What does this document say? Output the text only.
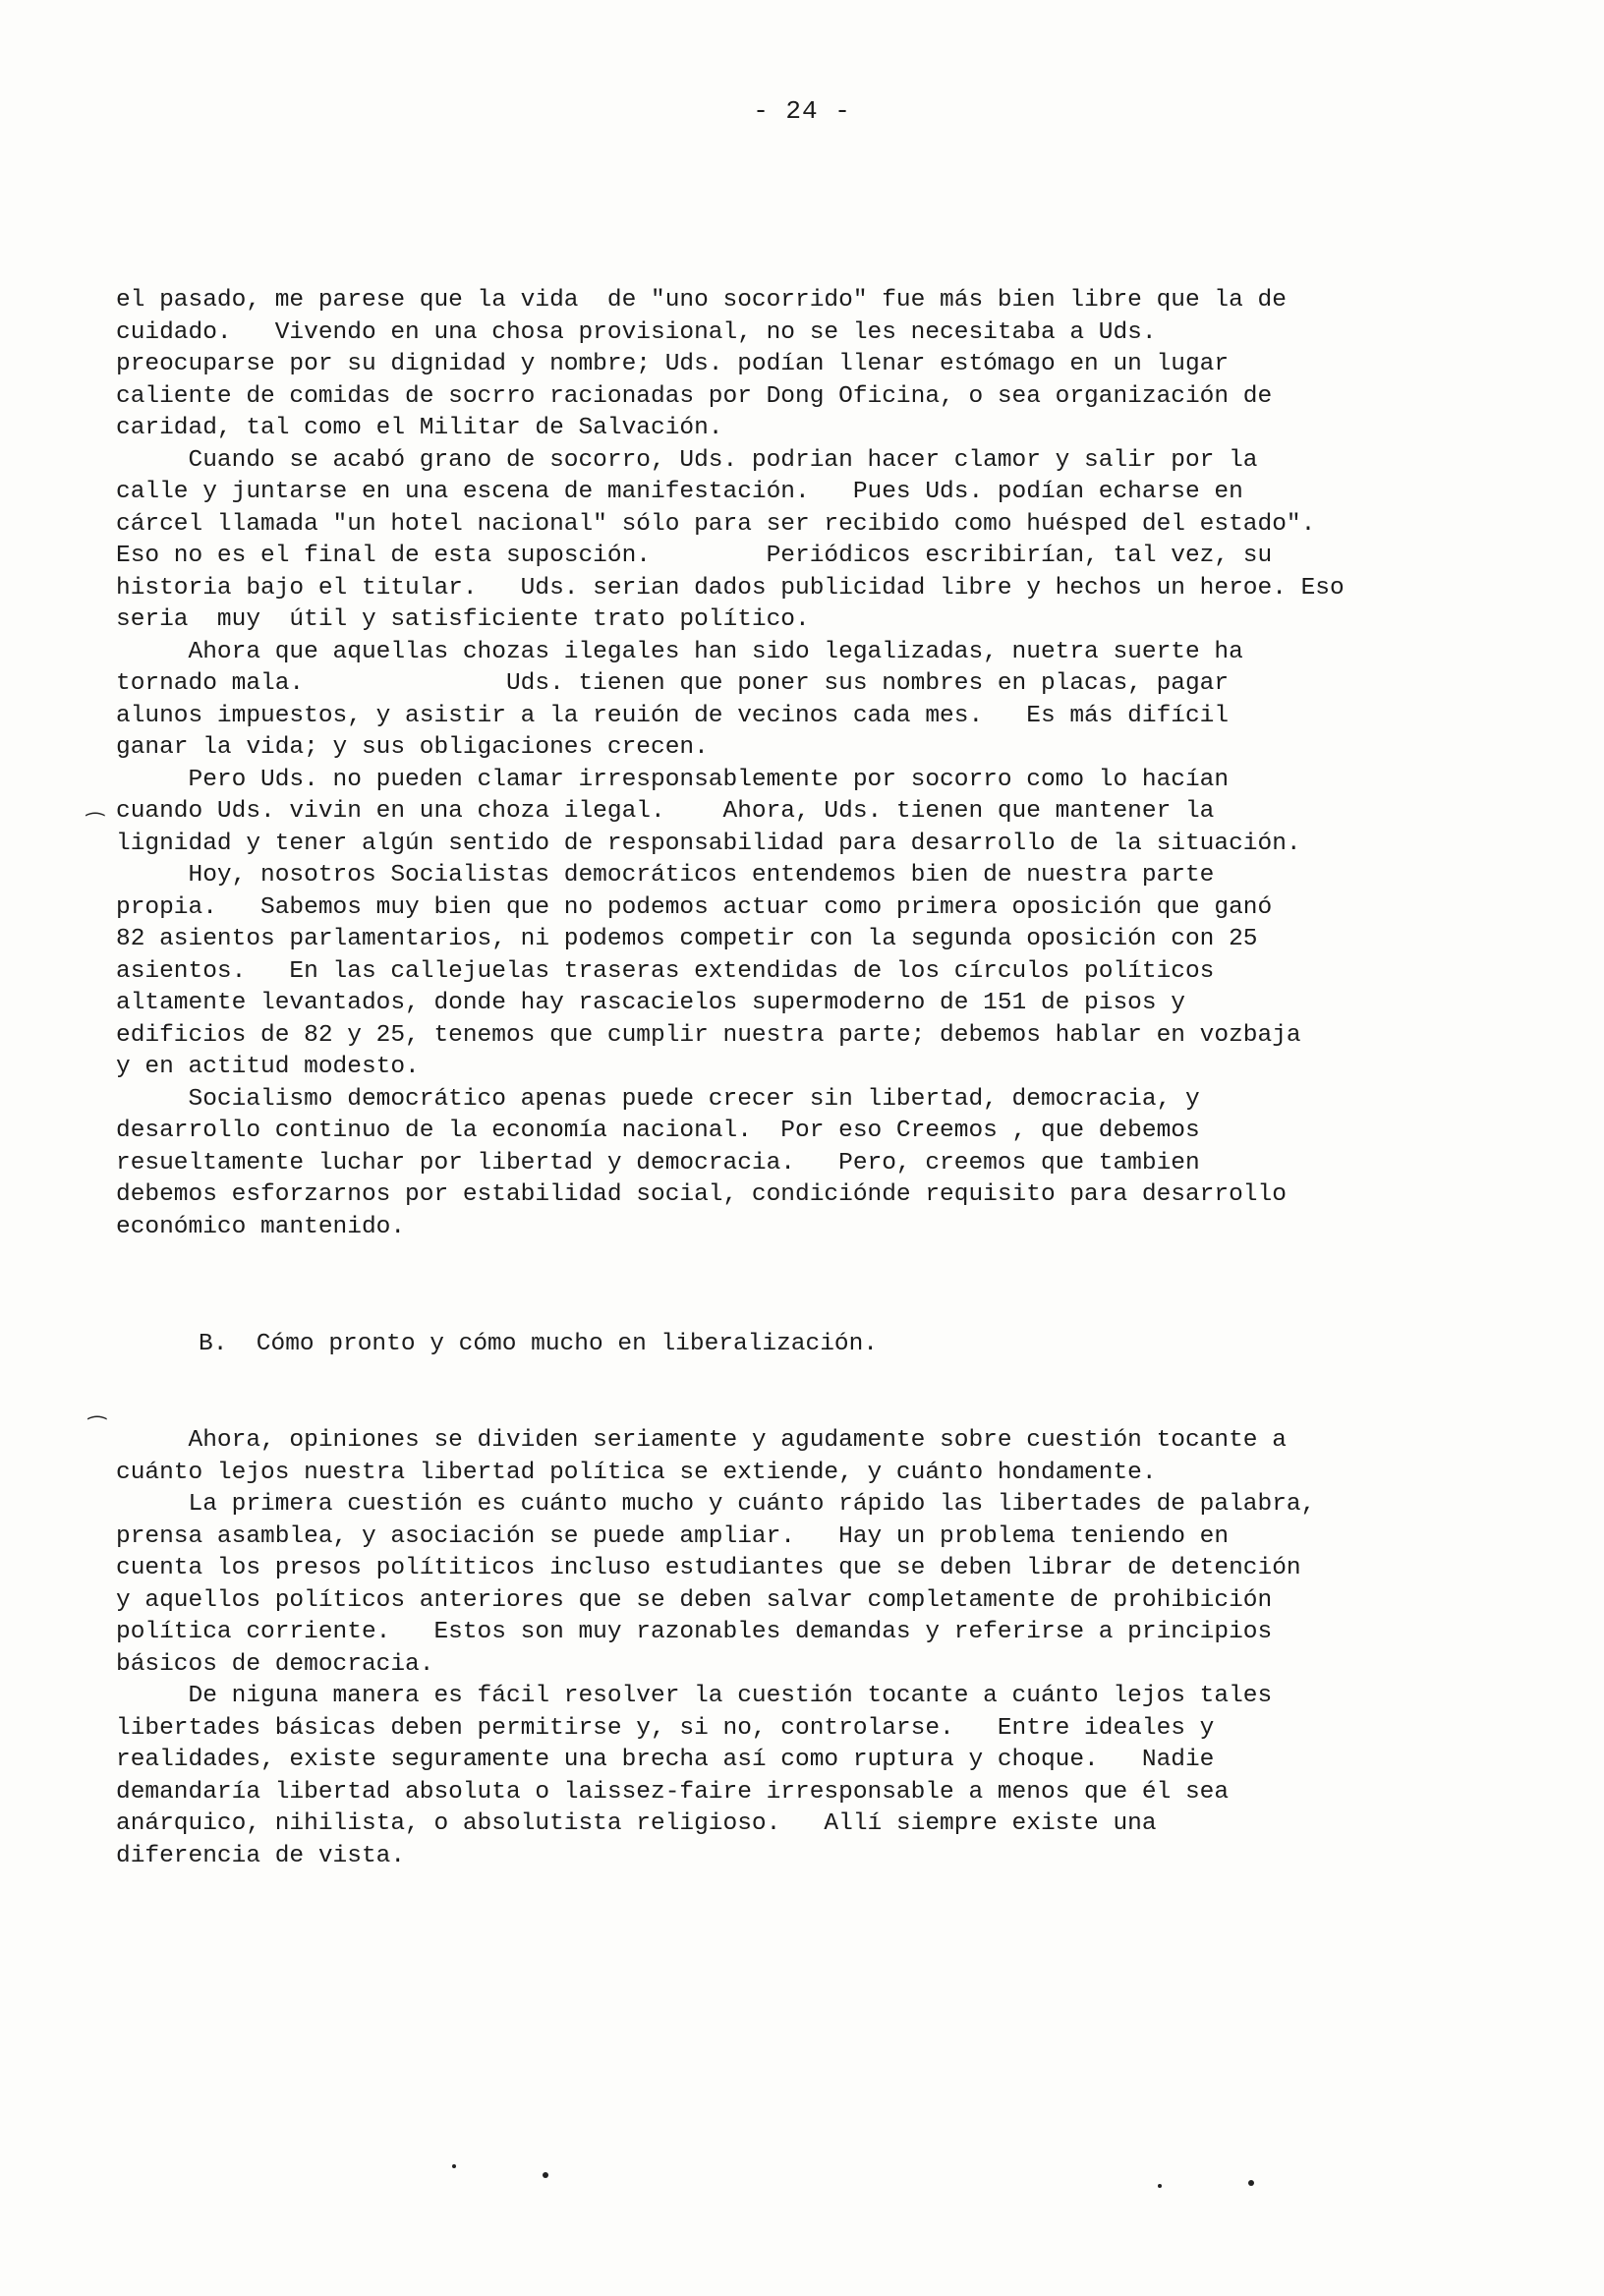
- 24 -
el pasado, me parese que la vida  de "uno socorrido" fue más bien libre que la de
cuidado.   Vivendo en una chosa provisional, no se les necesitaba a Uds.
preocuparse por su dignidad y nombre; Uds. podían llenar estómago en un lugar
caliente de comidas de socrro racionadas por Dong Oficina, o sea organización de
caridad, tal como el Militar de Salvación.
Cuando se acabó grano de socorro, Uds. podrian hacer clamor y salir por la
calle y juntarse en una escena de manifestación.   Pues Uds. podían echarse en
cárcel llamada "un hotel nacional" sólo para ser recibido como huésped del estado".
Eso no es el final de esta suposción.        Periódicos escribirían, tal vez, su
historia bajo el titular.   Uds. serian dados publicidad libre y hechos un heroe. Eso
seria  muy  útil y satisficiente trato político.
Ahora que aquellas chozas ilegales han sido legalizadas, nuetra suerte ha
tornado mala.              Uds. tienen que poner sus nombres en placas, pagar
alunos impuestos, y asistir a la reuión de vecinos cada mes.   Es más difícil
ganar la vida; y sus obligaciones crecen.
Pero Uds. no pueden clamar irresponsablemente por socorro como lo hacían
cuando Uds. vivin en una choza ilegal.    Ahora, Uds. tienen que mantener la
lignidad y tener algún sentido de responsabilidad para desarrollo de la situación.
Hoy, nosotros Socialistas democráticos entendemos bien de nuestra parte
propia.   Sabemos muy bien que no podemos actuar como primera oposición que ganó
82 asientos parlamentarios, ni podemos competir con la segunda oposición con 25
asientos.   En las callejuelas traseras extendidas de los círculos políticos
altamente levantados, donde hay rascacielos supermoderno de 151 de pisos y
edificios de 82 y 25, tenemos que cumplir nuestra parte; debemos hablar en vozbaja
y en actitud modesto.
Socialismo democrático apenas puede crecer sin libertad, democracia, y
desarrollo continuo de la economía nacional.  Por eso Creemos , que debemos
resueltamente luchar por libertad y democracia.   Pero, creemos que tambien
debemos esforzarnos por estabilidad social, condiciónde requisito para desarrollo
económico mantenido.
B.  Cómo pronto y cómo mucho en liberalización.
Ahora, opiniones se dividen seriamente y agudamente sobre cuestión tocante a
cuánto lejos nuestra libertad política se extiende, y cuánto hondamente.
La primera cuestión es cuánto mucho y cuánto rápido las libertades de palabra,
prensa asamblea, y asociación se puede ampliar.   Hay un problema teniendo en
cuenta los presos polítiticos incluso estudiantes que se deben librar de detención
y aquellos políticos anteriores que se deben salvar completamente de prohibición
política corriente.   Estos son muy razonables demandas y referirse a principios
básicos de democracia.
De niguna manera es fácil resolver la cuestión tocante a cuánto lejos tales
libertades básicas deben permitirse y, si no, controlarse.   Entre ideales y
realidades, existe seguramente una brecha así como ruptura y choque.   Nadie
demandaría libertad absoluta o laissez-faire irresponsable a menos que él sea
anárquico, nihilista, o absolutista religioso.   Allí siempre existe una
diferencia de vista.
⁀
⁀
